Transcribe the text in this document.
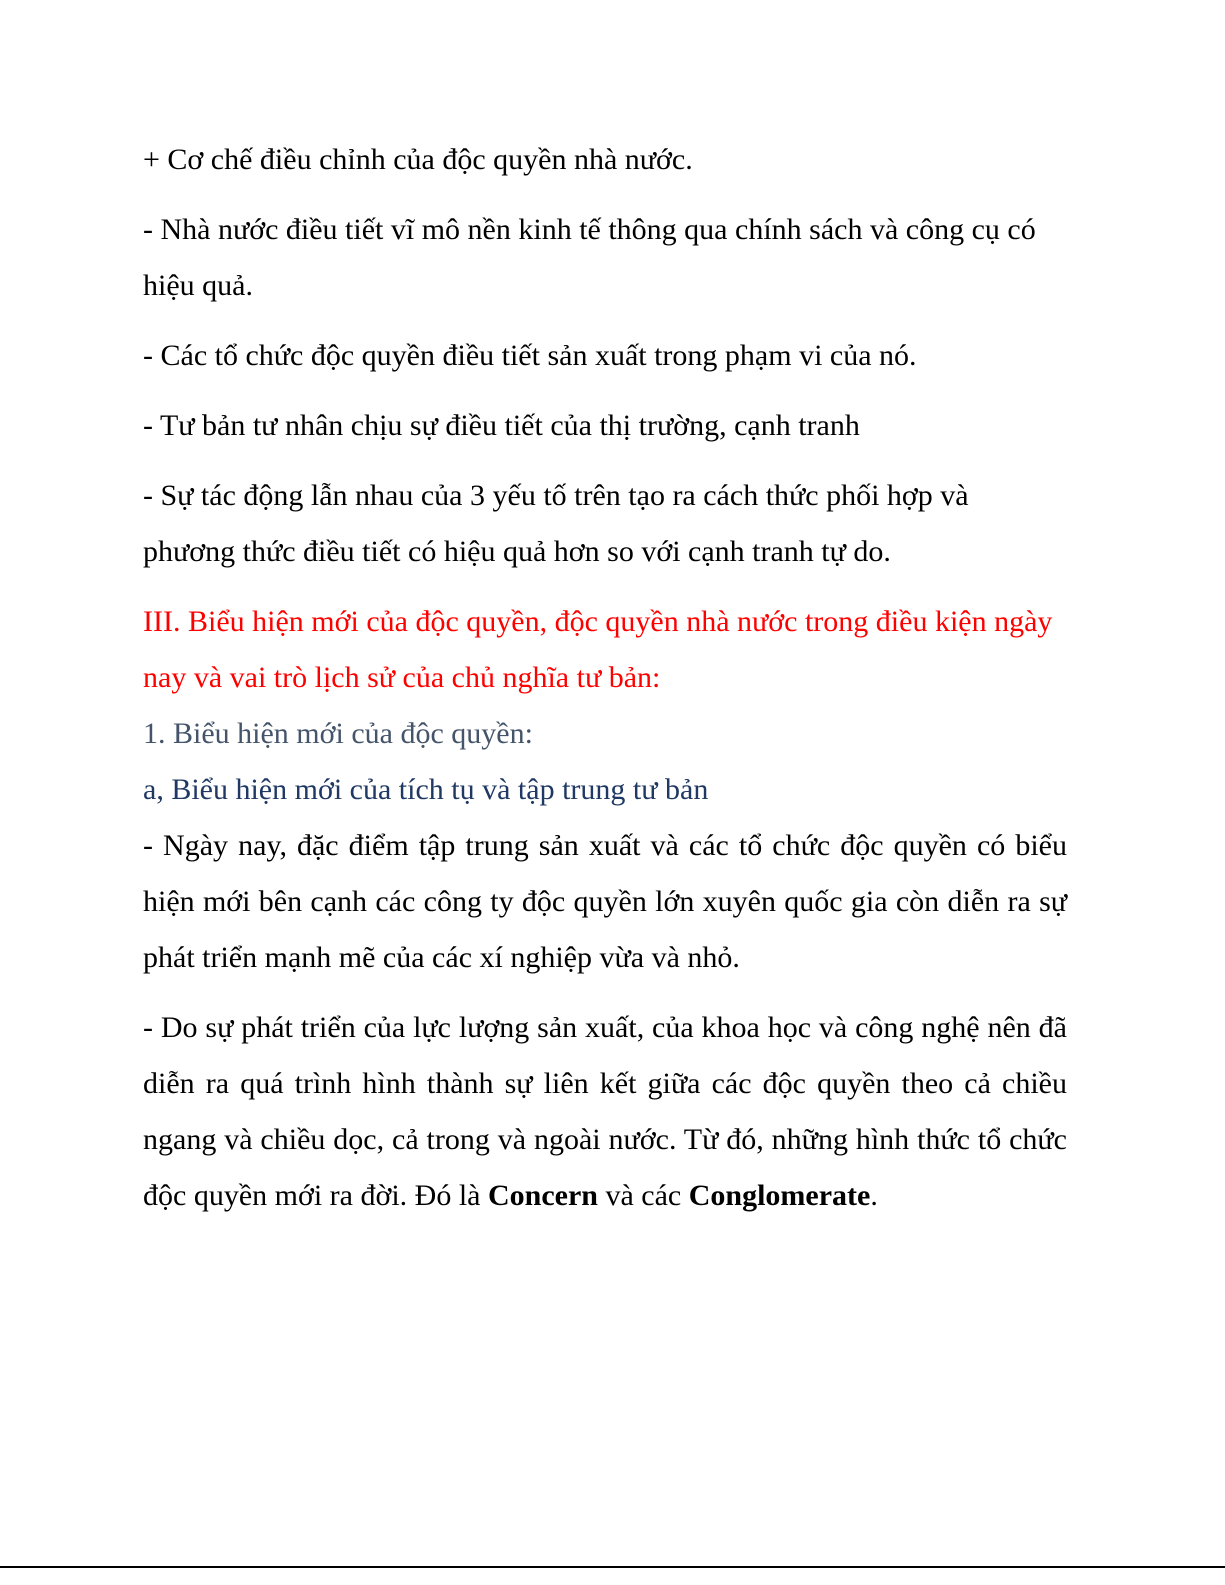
+ Cơ chế điều chỉnh của độc quyền nhà nước.

- Nhà nước điều tiết vĩ mô nền kinh tế thông qua chính sách và công cụ có hiệu quả.

- Các tổ chức độc quyền điều tiết sản xuất trong phạm vi của nó.

- Tư bản tư nhân chịu sự điều tiết của thị trường, cạnh tranh

- Sự tác động lẫn nhau của 3 yếu tố trên tạo ra cách thức phối hợp và phương thức điều tiết có hiệu quả hơn so với cạnh tranh tự do.

III. Biểu hiện mới của độc quyền, độc quyền nhà nước trong điều kiện ngày nay và vai trò lịch sử của chủ nghĩa tư bản:

1. Biểu hiện mới của độc quyền:

a, Biểu hiện mới của tích tụ và tập trung tư bản

- Ngày nay, đặc điểm tập trung sản xuất và các tổ chức độc quyền có biểu hiện mới bên cạnh các công ty độc quyền lớn xuyên quốc gia còn diễn ra sự phát triển mạnh mẽ của các xí nghiệp vừa và nhỏ.

- Do sự phát triển của lực lượng sản xuất, của khoa học và công nghệ nên đã diễn ra quá trình hình thành sự liên kết giữa các độc quyền theo cả chiều ngang và chiều dọc, cả trong và ngoài nước. Từ đó, những hình thức tổ chức độc quyền mới ra đời. Đó là Concern và các Conglomerate.
